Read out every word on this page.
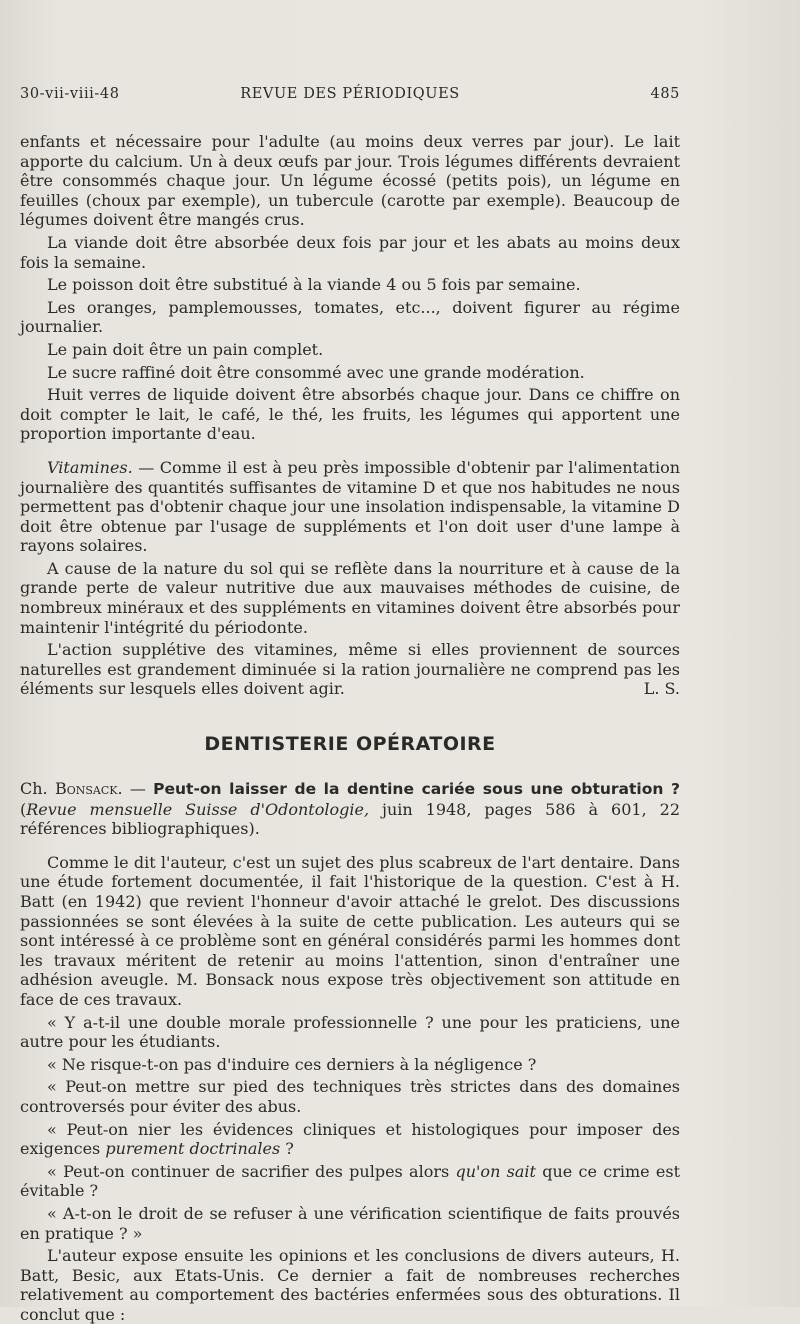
30-vii-viii-48	REVUE DES PÉRIODIQUES	485

enfants et nécessaire pour l'adulte (au moins deux verres par jour). Le lait apporte du calcium. Un à deux œufs par jour. Trois légumes différents devraient être consommés chaque jour. Un légume écossé (petits pois), un légume en feuilles (choux par exemple), un tubercule (carotte par exemple). Beaucoup de légumes doivent être mangés crus.

La viande doit être absorbée deux fois par jour et les abats au moins deux fois la semaine.

Le poisson doit être substitué à la viande 4 ou 5 fois par semaine.

Les oranges, pamplemousses, tomates, etc..., doivent figurer au régime journalier.

Le pain doit être un pain complet.

Le sucre raffiné doit être consommé avec une grande modération.

Huit verres de liquide doivent être absorbés chaque jour. Dans ce chiffre on doit compter le lait, le café, le thé, les fruits, les légumes qui apportent une proportion importante d'eau.

Vitamines. — Comme il est à peu près impossible d'obtenir par l'alimentation journalière des quantités suffisantes de vitamine D et que nos habitudes ne nous permettent pas d'obtenir chaque jour une insolation indispensable, la vitamine D doit être obtenue par l'usage de suppléments et l'on doit user d'une lampe à rayons solaires.

A cause de la nature du sol qui se reflète dans la nourriture et à cause de la grande perte de valeur nutritive due aux mauvaises méthodes de cuisine, de nombreux minéraux et des suppléments en vitamines doivent être absorbés pour maintenir l'intégrité du périodonte.

L'action supplétive des vitamines, même si elles proviennent de sources naturelles est grandement diminuée si la ration journalière ne comprend pas les éléments sur lesquels elles doivent agir.	L. S.

DENTISTERIE OPÉRATOIRE

Ch. Bonsack. — Peut-on laisser de la dentine cariée sous une obturation ? (Revue mensuelle Suisse d'Odontologie, juin 1948, pages 586 à 601, 22 références bibliographiques).

Comme le dit l'auteur, c'est un sujet des plus scabreux de l'art dentaire. Dans une étude fortement documentée, il fait l'historique de la question. C'est à H. Batt (en 1942) que revient l'honneur d'avoir attaché le grelot. Des discussions passionnées se sont élevées à la suite de cette publication. Les auteurs qui se sont intéressé à ce problème sont en général considérés parmi les hommes dont les travaux méritent de retenir au moins l'attention, sinon d'entraîner une adhésion aveugle. M. Bonsack nous expose très objectivement son attitude en face de ces travaux.

« Y a-t-il une double morale professionnelle ? une pour les praticiens, une autre pour les étudiants.

« Ne risque-t-on pas d'induire ces derniers à la négligence ?

« Peut-on mettre sur pied des techniques très strictes dans des domaines controversés pour éviter des abus.

« Peut-on nier les évidences cliniques et histologiques pour imposer des exigences purement doctrinales ?

« Peut-on continuer de sacrifier des pulpes alors qu'on sait que ce crime est évitable ?

« A-t-on le droit de se refuser à une vérification scientifique de faits prouvés en pratique ? »

L'auteur expose ensuite les opinions et les conclusions de divers auteurs, H. Batt, Besic, aux Etats-Unis. Ce dernier a fait de nombreuses recherches relativement au comportement des bactéries enfermées sous des obturations. Il conclut que :
